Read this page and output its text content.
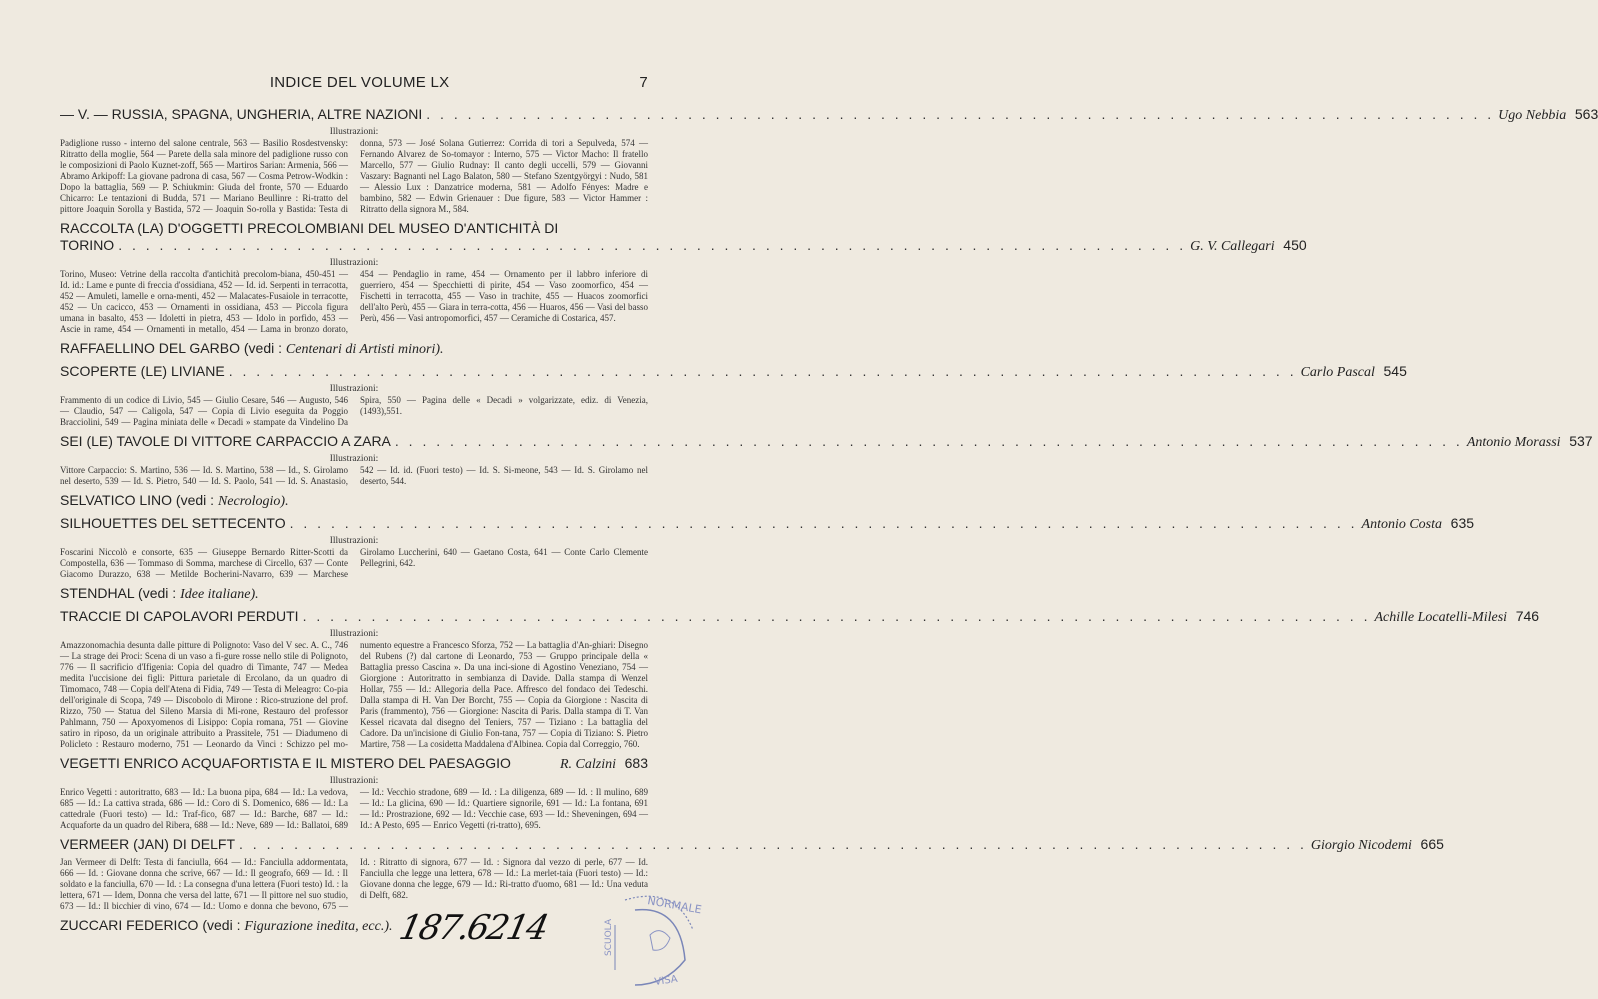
INDICE DEL VOLUME LX	7
— V. — RUSSIA, SPAGNA, UNGHERIA, ALTRE NAZIONI . . .	Ugo Nebbia 563
Illustrazioni:
Padiglione russo - interno del salone centrale, 563 — Basilio Rosdestvensky: Ritratto della moglie, 564 — Parete della sala minore del padiglione russo con le composizioni di Paolo Kuznet-zoff, 565 — Martiros Sarian: Armenia, 566 — Abramo Arkipoff: La giovane padrona di casa, 567 — Cosma Petrow-Wodkin : Dopo la battaglia, 569 — P. Schiukmin: Giuda del fronte, 570 — Eduardo Chicarro: Le tentazioni di Budda, 571 — Mariano Beullinre : Ri-tratto del pittore Joaquin Sorolla y Bastida, 572 — Joaquin So-rolla y Bastida: Testa di donna, 573 — José Solana Gutierrez: Corrida di tori a Sepulveda, 574 — Fernando Alvarez de So-tomayor : Interno, 575 — Victor Macho: Il fratello Marcello, 577 — Giulio Rudnay: Il canto degli uccelli, 579 — Giovanni Vaszary: Bagnanti nel Lago Balaton, 580 — Stefano Szentgyörgyi : Nudo, 581 — Alessio Lux : Danzatrice moderna, 581 — Adolfo Fényes: Madre e bambino, 582 — Edwin Grienauer : Due figure, 583 — Victor Hammer : Ritratto della signora M., 584.
RACCOLTA (LA) D'OGGETTI PRECOLOMBIANI DEL MUSEO D'ANTICHITÀ DI
TORINO . . .	G. V. Callegari 450
Illustrazioni:
Torino, Museo: Vetrine della raccolta d'antichità precolom-biana, 450-451 — Id. id.: Lame e punte di freccia d'ossidiana, 452 — Id. id. Serpenti in terracotta, 452 — Amuleti, lamelle e orna-menti, 452 — Malacates-Fusaiole in terracotte, 452 — Un cacicco, 453 — Ornamenti in ossidiana, 453 — Piccola figura umana in basalto, 453 — Idoletti in pietra, 453 — Idolo in porfido, 453 — Ascie in rame, 454 — Ornamenti in metallo, 454 — Lama in bronzo dorato, 454 — Pendaglio in rame, 454 — Ornamento per il labbro inferiore di guerriero, 454 — Specchietti di pirite, 454 — Vaso zoomorfico, 454 — Fischetti in terracotta, 455 — Vaso in trachite, 455 — Huacos zoomorfici dell'alto Perù, 455 — Giara in terra-cotta, 456 — Huaros, 456 — Vasi del basso Perù, 456 — Vasi antropomorfici, 457 — Ceramiche di Costarica, 457.
RAFFAELLINO DEL GARBO (vedi :
Centenari di Artisti minori).
SCOPERTE (LE) LIVIANE . . .	Carlo Pascal 545
Illustrazioni:
Frammento di un codice di Livio, 545 — Giulio Cesare, 546 — Augusto, 546 — Claudio, 547 — Caligola, 547 — Copia di Livio eseguita da Poggio Bracciolini, 549 — Pagina miniata delle « Decadi » stampate da Vindelino Da Spira, 550 — Pagina delle « Decadi » volgarizzate, ediz. di Venezia, (1493),551.
SEI (LE) TAVOLE DI VITTORE CARPACCIO A ZARA . . .	Antonio Morassi 537
Illustrazioni:
Vittore Carpaccio: S. Martino, 536 — Id. S. Martino, 538 — Id., S. Girolamo nel deserto, 539 — Id. S. Pietro, 540 — Id. S. Paolo, 541 — Id. S. Anastasio, 542 — Id. id. (Fuori testo) — Id. S. Si-meone, 543 — Id. S. Girolamo nel deserto, 544.
SELVATICO LINO (vedi :
Necrologio).
SILHOUETTES DEL SETTECENTO . . .	Antonio Costa 635
Illustrazioni:
Foscarini Niccolò e consorte, 635 — Giuseppe Bernardo Ritter-Scotti da Compostella, 636 — Tommaso di Somma, marchese di Circello, 637 — Conte Giacomo Durazzo, 638 — Metilde Bocherini-Navarro, 639 — Marchese Girolamo Luccherini, 640 — Gaetano Costa, 641 — Conte Carlo Clemente Pellegrini, 642.
STENDHAL (vedi :
Idee italiane).
TRACCIE DI CAPOLAVORI PERDUTI . . .	Achille Locatelli-Milesi 746
Illustrazioni:
Amazzonomachia desunta dalle pitture di Polignoto: Vaso del V sec. A. C., 746 — La strage dei Proci: Scena di un vaso a fi-gure rosse nello stile di Polignoto, 776 — Il sacrificio d'Ifigenia: Copia del quadro di Timante, 747 — Medea medita l'uccisione dei figli: Pittura parietale di Ercolano, da un quadro di Timomaco, 748 — Copia dell'Atena di Fidia, 749 — Testa di Meleagro: Co-pia dell'originale di Scopa, 749 — Discobolo di Mirone : Rico-struzione del prof. Rizzo, 750 — Statua del Sileno Marsia di Mi-rone, Restauro del professor Pahlmann, 750 — Apoxyomenos di Lisippo: Copia romana, 751 — Giovine satiro in riposo, da un originale attribuito a Prassitele, 751 — Diadumeno di Policleto : Restauro moderno, 751 — Leonardo da Vinci : Schizzo pel mo-numento equestre a Francesco Sforza, 752 — La battaglia d'An-ghiari: Disegno del Rubens (?) dal cartone di Leonardo, 753 — Gruppo principale della « Battaglia presso Cascina ». Da una inci-sione di Agostino Veneziano, 754 — Giorgione : Autoritratto in sembianza di Davide. Dalla stampa di Wenzel Hollar, 755 — Id.: Allegoria della Pace. Affresco del fondaco dei Tedeschi. Dalla stampa di H. Van Der Borcht, 755 — Copia da Giorgione : Nascita di Paris (frammento), 756 — Giorgione: Nascita di Paris. Dalla stampa di T. Van Kessel ricavata dal disegno del Teniers, 757 — Tiziano : La battaglia del Cadore. Da un'incisione di Giulio Fon-tana, 757 — Copia di Tiziano: S. Pietro Martire, 758 — La cosidetta Maddalena d'Albinea. Copia dal Correggio, 760.
VEGETTI ENRICO ACQUAFORTISTA E IL MISTERO DEL PAESAGGIO	R. Calzini 683
Illustrazioni:
Enrico Vegetti : autoritratto, 683 — Id.: La buona pipa, 684 — Id.: La vedova, 685 — Id.: La cattiva strada, 686 — Id.: Coro di S. Domenico, 686 — Id.: La cattedrale (Fuori testo) — Id.: Traf-fico, 687 — Id.: Barche, 687 — Id.: Acquaforte da un quadro del Ribera, 688 — Id.: Neve, 689 — Id.: Ballatoi, 689 — Id.: Vecchio stradone, 689 — Id. : La diligenza, 689 — Id. : Il mulino, 689 — Id.: La glicina, 690 — Id.: Quartiere signorile, 691 — Id.: La fontana, 691 — Id.: Prostrazione, 692 — Id.: Vecchie case, 693 — Id.: Sheveningen, 694 — Id.: A Pesto, 695 — Enrico Vegetti (ri-tratto), 695.
VERMEER (JAN) DI DELFT . . .	Giorgio Nicodemi 665
Jan Vermeer di Delft: Testa di fanciulla, 664 — Id.: Fanciulla addormentata, 666 — Id. : Giovane donna che scrive, 667 — Id.: Il geografo, 669 — Id. : Il soldato e la fanciulla, 670 — Id. : La consegna d'una lettera (Fuori testo) Id. : la lettera, 671 — Idem, Donna che versa del latte, 671 — Il pittore nel suo studio, 673 — Id.: Il bicchier di vino, 674 — Id.: Uomo e donna che bevono, 675 — Id. : Ritratto di signora, 677 — Id. : Signora dal vezzo di perle, 677 — Id. Fanciulla che legge una lettera, 678 — Id.: La merlet-taia (Fuori testo) — Id.: Giovane donna che legge, 679 — Id.: Ri-tratto d'uomo, 681 — Id.: Una veduta di Delft, 682.
ZUCCARI FEDERICO (vedi :
Figurazione inedita, ecc.). 187.6214
NORMALE
SCUOLA
VISA
